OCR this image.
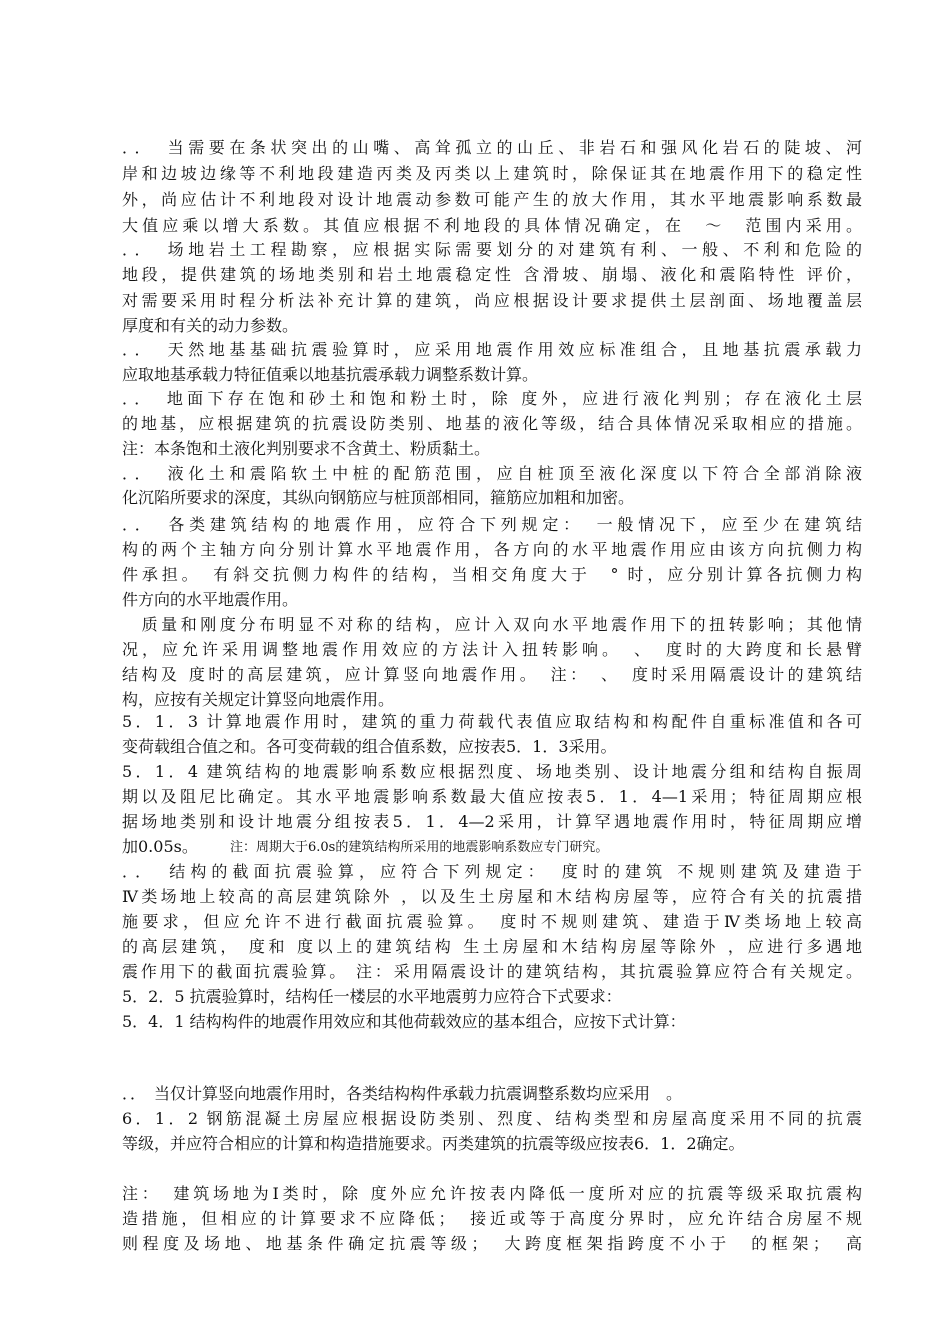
．．　当需要在条状突出的山嘴、高耸孤立的山丘、非岩石和强风化岩石的陡坡、河
岸和边坡边缘等不利地段建造丙类及丙类以上建筑时，除保证其在地震作用下的稳定性
外，尚应估计不利地段对设计地震动参数可能产生的放大作用，其水平地震影响系数最
大值应乘以增大系数。其值应根据不利地段的具体情况确定，在　～　范围内采用。
．．　场地岩土工程勘察，应根据实际需要划分的对建筑有利、一般、不利和危险的
地段，提供建筑的场地类别和岩土地震稳定性 含滑坡、崩塌、液化和震陷特性 评价，
对需要采用时程分析法补充计算的建筑，尚应根据设计要求提供土层剖面、场地覆盖层
厚度和有关的动力参数。
．．　天然地基基础抗震验算时，应采用地震作用效应标准组合，且地基抗震承载力
应取地基承载力特征值乘以地基抗震承载力调整系数计算。
．．　地面下存在饱和砂土和饱和粉土时，除 度外，应进行液化判别；存在液化土层
的地基，应根据建筑的抗震设防类别、地基的液化等级，结合具体情况采取相应的措施。
注：本条饱和土液化判别要求不含黄土、粉质黏土。
．．　液化土和震陷软土中桩的配筋范围，应自桩顶至液化深度以下符合全部消除液
化沉陷所要求的深度，其纵向钢筋应与桩顶部相同，箍筋应加粗和加密。
．．　各类建筑结构的地震作用，应符合下列规定：　一般情况下，应至少在建筑结
构的两个主轴方向分别计算水平地震作用，各方向的水平地震作用应由该方向抗侧力构
件承担。　有斜交抗侧力构件的结构，当相交角度大于　° 时，应分别计算各抗侧力构
件方向的水平地震作用。
　质量和刚度分布明显不对称的结构，应计入双向水平地震作用下的扭转影响；其他情
况，应允许采用调整地震作用效应的方法计入扭转影响。　、　度时的大跨度和长悬臂
结构及 度时的高层建筑，应计算竖向地震作用。　注：　、　度时采用隔震设计的建筑结
构，应按有关规定计算竖向地震作用。
5．1．3 计算地震作用时，建筑的重力荷载代表值应取结构和构配件自重标准值和各可
变荷载组合值之和。各可变荷载的组合值系数，应按表5．1．3采用。
5．1．4 建筑结构的地震影响系数应根据烈度、场地类别、设计地震分组和结构自振周
期以及阻尼比确定。其水平地震影响系数最大值应按表5．1．4—1采用；特征周期应根
据场地类别和设计地震分组按表5．1．4—2采用，计算罕遇地震作用时，特征周期应增
加0.05s。	注：周期大于6.0s的建筑结构所采用的地震影响系数应专门研究。
．．　结构的截面抗震验算，应符合下列规定：　度时的建筑 不规则建筑及建造于
Ⅳ类场地上较高的高层建筑除外 ，以及生土房屋和木结构房屋等，应符合有关的抗震措
施要求，但应允许不进行截面抗震验算。　度时不规则建筑、建造于Ⅳ类场地上较高
的高层建筑， 度和 度以上的建筑结构 生土房屋和木结构房屋等除外 ，应进行多遇地
震作用下的截面抗震验算。 注：采用隔震设计的建筑结构，其抗震验算应符合有关规定。
5．2．5 抗震验算时，结构任一楼层的水平地震剪力应符合下式要求：
5．4．1 结构构件的地震作用效应和其他荷载效应的基本组合，应按下式计算：
．．　当仅计算竖向地震作用时，各类结构构件承载力抗震调整系数均应采用　。
6．1．2 钢筋混凝土房屋应根据设防类别、烈度、结构类型和房屋高度采用不同的抗震
等级，并应符合相应的计算和构造措施要求。丙类建筑的抗震等级应按表6．1．2确定。
注：　建筑场地为Ⅰ类时，除 度外应允许按表内降低一度所对应的抗震等级采取抗震构
造措施，但相应的计算要求不应降低；　接近或等于高度分界时，应允许结合房屋不规
则程度及场地、地基条件确定抗震等级；　大跨度框架指跨度不小于　的框架；　高
